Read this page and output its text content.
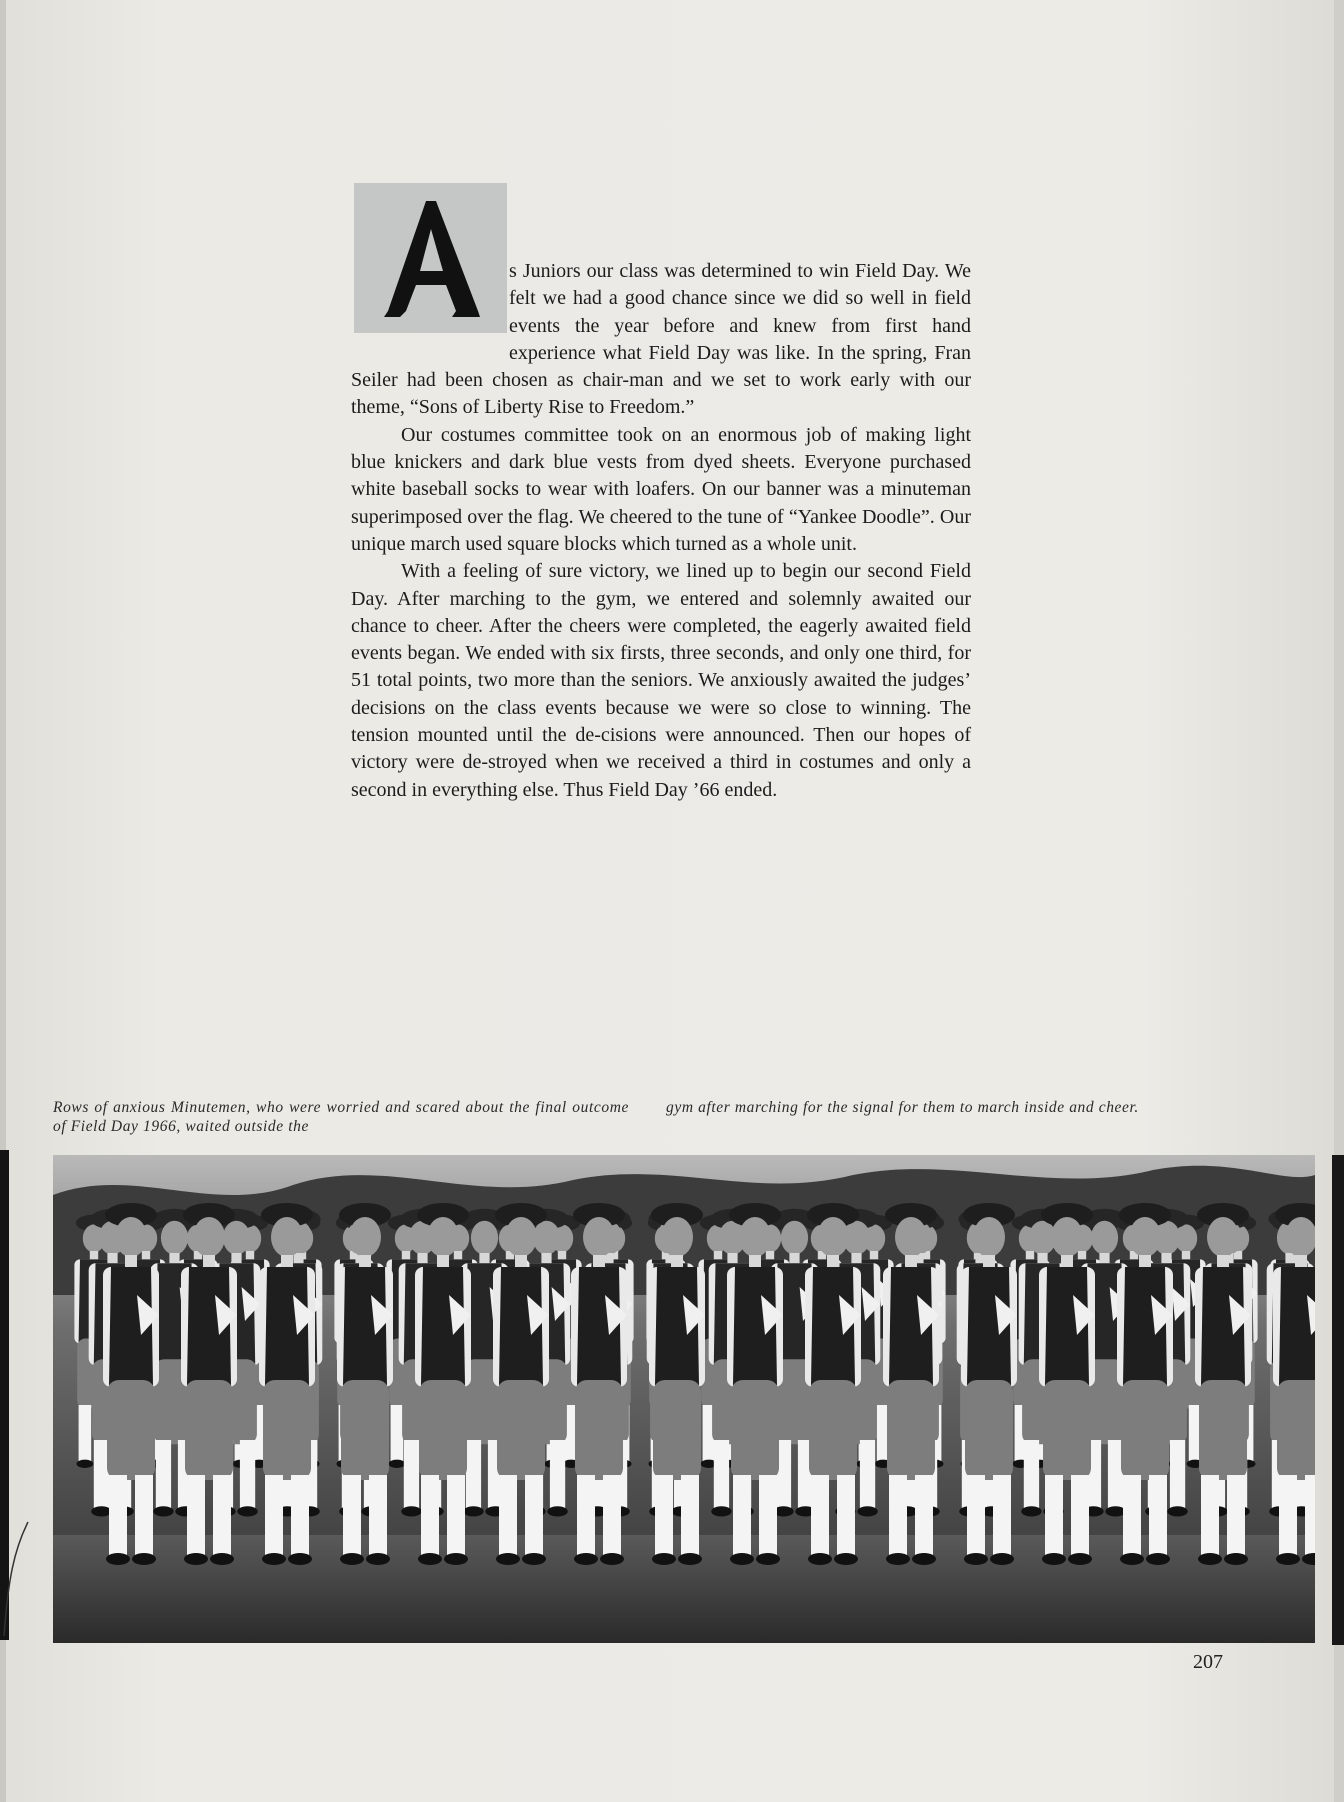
s Juniors our class was determined to win Field Day. We felt we had a good chance since we did so well in field events the year before and knew from first hand experience what Field Day was like. In the spring, Fran Seiler had been chosen as chair-man and we set to work early with our theme, “Sons of Liberty Rise to Freedom.”

Our costumes committee took on an enormous job of making light blue knickers and dark blue vests from dyed sheets. Everyone purchased white baseball socks to wear with loafers. On our banner was a minuteman superimposed over the flag. We cheered to the tune of “Yankee Doodle”. Our unique march used square blocks which turned as a whole unit.

With a feeling of sure victory, we lined up to begin our second Field Day. After marching to the gym, we entered and solemnly awaited our chance to cheer. After the cheers were completed, the eagerly awaited field events began. We ended with six firsts, three seconds, and only one third, for 51 total points, two more than the seniors. We anxiously awaited the judges’ decisions on the class events because we were so close to winning. The tension mounted until the de-cisions were announced. Then our hopes of victory were de-stroyed when we received a third in costumes and only a second in everything else. Thus Field Day ’66 ended.

Rows of anxious Minutemen, who were worried and scared about the final outcome of Field Day 1966, waited outside the
gym after marching for the signal for them to march inside and cheer.
207
